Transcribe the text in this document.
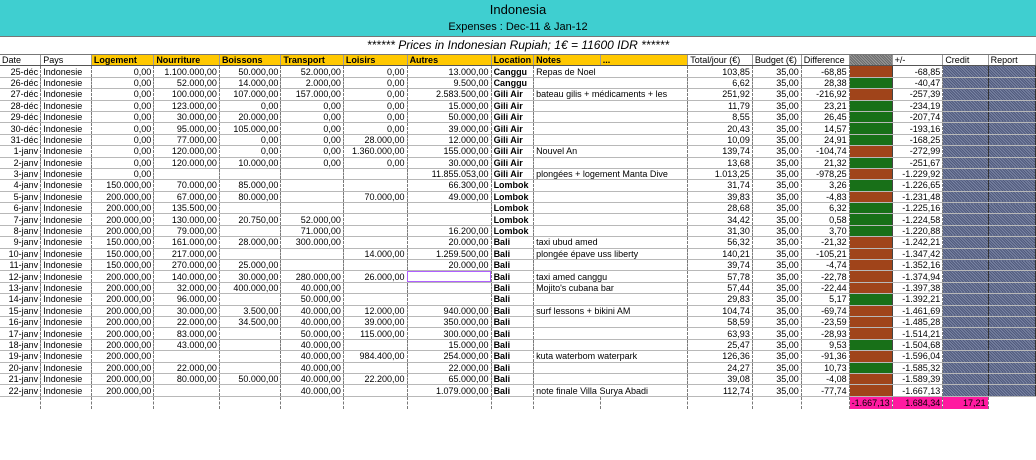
Indonesia
Expenses : Dec-11 & Jan-12
****** Prices in Indonesian Rupiah; 1€ = 11600 IDR ******
Date	Pays	Logement	Nourriture	Boissons	Transport	Loisirs	Autres	Location	Notes	...	Total/jour (€)	Budget (€)	Difference		+/-	Credit	Report
25-déc	Indonesie	0,00	1.100.000,00	50.000,00	52.000,00	0,00	13.000,00	Canggu	Repas de Noel		103,85	35,00	-68,85		-68,85		
26-déc	Indonesie	0,00	52.000,00	14.000,00	2.000,00	0,00	9.500,00	Canggu			6,62	35,00	28,38		-40,47		
27-déc	Indonesie	0,00	100.000,00	107.000,00	157.000,00	0,00	2.583.500,00	Gili Air	bateau gilis + médicaments + les		251,92	35,00	-216,92		-257,39		
28-déc	Indonesie	0,00	123.000,00	0,00	0,00	0,00	15.000,00	Gili Air			11,79	35,00	23,21		-234,19		
29-déc	Indonesie	0,00	30.000,00	20.000,00	0,00	0,00	50.000,00	Gili Air			8,55	35,00	26,45		-207,74		
30-déc	Indonesie	0,00	95.000,00	105.000,00	0,00	0,00	39.000,00	Gili Air			20,43	35,00	14,57		-193,16		
31-déc	Indonesie	0,00	77.000,00	0,00	0,00	28.000,00	12.000,00	Gili Air			10,09	35,00	24,91		-168,25		
1-janv	Indonesie	0,00	120.000,00	0,00	0,00	1.360.000,00	155.000,00	Gili Air	Nouvel An		139,74	35,00	-104,74		-272,99		
2-janv	Indonesie	0,00	120.000,00	10.000,00	0,00	0,00	30.000,00	Gili Air			13,68	35,00	21,32		-251,67		
3-janv	Indonesie	0,00					11.855.053,00	Gili Air	plongées + logement Manta Dive		1.013,25	35,00	-978,25		-1.229,92		
4-janv	Indonesie	150.000,00	70.000,00	85.000,00			66.300,00	Lombok			31,74	35,00	3,26		-1.226,65		
5-janv	Indonesie	200.000,00	67.000,00	80.000,00		70.000,00	49.000,00	Lombok			39,83	35,00	-4,83		-1.231,48		
6-janv	Indonesie	200.000,00	135.500,00					Lombok			28,68	35,00	6,32		-1.225,16		
7-janv	Indonesie	200.000,00	130.000,00	20.750,00	52.000,00			Lombok			34,42	35,00	0,58		-1.224,58		
8-janv	Indonesie	200.000,00	79.000,00		71.000,00		16.200,00	Lombok			31,30	35,00	3,70		-1.220,88		
9-janv	Indonesie	150.000,00	161.000,00	28.000,00	300.000,00		20.000,00	Bali	taxi ubud amed		56,32	35,00	-21,32		-1.242,21		
10-janv	Indonesie	150.000,00	217.000,00			14.000,00	1.259.500,00	Bali	plongée épave uss liberty		140,21	35,00	-105,21		-1.347,42		
11-janv	Indonesie	150.000,00	270.000,00	25.000,00			20.000,00	Bali			39,74	35,00	-4,74		-1.352,16		
12-janv	Indonesie	200.000,00	140.000,00	30.000,00	280.000,00	26.000,00		Bali	taxi amed canggu		57,78	35,00	-22,78		-1.374,94		
13-janv	Indonesie	200.000,00	32.000,00	400.000,00	40.000,00			Bali	Mojito's cubana bar		57,44	35,00	-22,44		-1.397,38		
14-janv	Indonesie	200.000,00	96.000,00		50.000,00			Bali			29,83	35,00	5,17		-1.392,21		
15-janv	Indonesie	200.000,00	30.000,00	3.500,00	40.000,00	12.000,00	940.000,00	Bali	surf lessons + bikini AM		104,74	35,00	-69,74		-1.461,69		
16-janv	Indonesie	200.000,00	22.000,00	34.500,00	40.000,00	39.000,00	350.000,00	Bali			58,59	35,00	-23,59		-1.485,28		
17-janv	Indonesie	200.000,00	83.000,00		50.000,00	115.000,00	300.000,00	Bali			63,93	35,00	-28,93		-1.514,21		
18-janv	Indonesie	200.000,00	43.000,00		40.000,00		15.000,00	Bali			25,47	35,00	9,53		-1.504,68		
19-janv	Indonesie	200.000,00			40.000,00	984.400,00	254.000,00	Bali	kuta waterbom waterpark		126,36	35,00	-91,36		-1.596,04		
20-janv	Indonesie	200.000,00	22.000,00		40.000,00		22.000,00	Bali			24,27	35,00	10,73		-1.585,32		
21-janv	Indonesie	200.000,00	80.000,00	50.000,00	40.000,00	22.200,00	65.000,00	Bali			39,08	35,00	-4,08		-1.589,39		
22-janv	Indonesie	200.000,00			40.000,00		1.079.000,00	Bali	note finale Villa Surya Abadi		112,74	35,00	-77,74		-1.667,13		
														-1.667,13	1.684,34	17,21	
